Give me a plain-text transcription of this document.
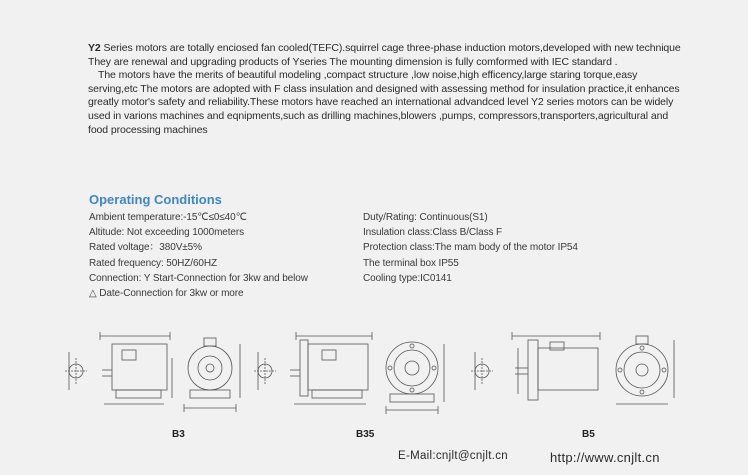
Y2 Series motors are totally enciosed fan cooled(TEFC).squirrel cage three-phase induction motors,developed with new technique They are renewal and upgrading products of Yseries The mounting dimension is fully comformed with IEC standard .

The motors have the merits of beautiful modeling ,compact structure ,low noise,high efficency,large staring torque,easy serving,etc The motors are adopted with F class insulation and designed with assessing method for insulation practice,it enhances greatly motor's safety and reliability.These motors have reached an international advandced level Y2 series motors can be widely used in varions machines and eqnipments,such as drilling machines,blowers ,pumps, compressors,transporters,agricultural and food processing machines

Operating Conditions
Ambient temperature:-15℃≤0≤40℃
Altitude: Not exceeding 1000meters
Rated voltage：380V±5%
Rated frequency: 50HZ/60HZ
Connection: Y Start-Connection for 3kw and below
△ Date-Connection for 3kw or more
Duty/Rating: Continuous(S1)
Insulation class:Class B/Class F
Protection class:The mam body of the motor IP54
The terminal box IP55
Cooling type:IC0141
B3	B35	B5
E-Mail:cnjlt@cnjlt.cn	http://www.cnjlt.cn
